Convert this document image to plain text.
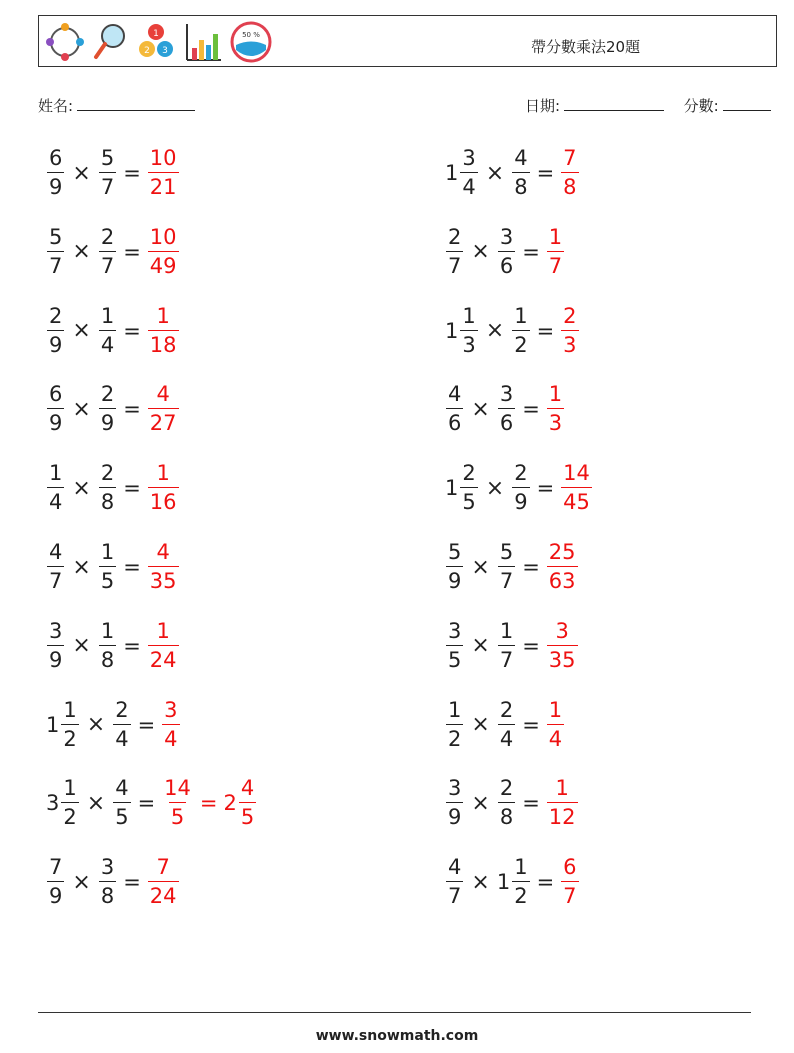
1
2 3
50 %
帶分數乘法20題
姓名:	日期:	分數:
$\frac{6}{9} \times \frac{5}{7} = \frac{10}{21}$	$1 \frac{3}{4} \times \frac{4}{8} = \frac{7}{8}$
$\frac{5}{7} \times \frac{2}{7} = \frac{10}{49}$	$\frac{2}{7} \times \frac{3}{6} = \frac{1}{7}$
$\frac{2}{9} \times \frac{1}{4} = \frac{1}{18}$	$1 \frac{1}{3} \times \frac{1}{2} = \frac{2}{3}$
$\frac{6}{9} \times \frac{2}{9} = \frac{4}{27}$	$\frac{4}{6} \times \frac{3}{6} = \frac{1}{3}$
$\frac{1}{4} \times \frac{2}{8} = \frac{1}{16}$	$1 \frac{2}{5} \times \frac{2}{9} = \frac{14}{45}$
$\frac{4}{7} \times \frac{1}{5} = \frac{4}{35}$	$\frac{5}{9} \times \frac{5}{7} = \frac{25}{63}$
$\frac{3}{9} \times \frac{1}{8} = \frac{1}{24}$	$\frac{3}{5} \times \frac{1}{7} = \frac{3}{35}$
$1 \frac{1}{2} \times \frac{2}{4} = \frac{3}{4}$	$\frac{1}{2} \times \frac{2}{4} = \frac{1}{4}$
$3 \frac{1}{2} \times \frac{4}{5} = \frac{14}{5} = 2 \frac{4}{5}$	$\frac{3}{9} \times \frac{2}{8} = \frac{1}{12}$
$\frac{7}{9} \times \frac{3}{8} = \frac{7}{24}$	$\frac{4}{7} \times 1 \frac{1}{2} = \frac{6}{7}$
www.snowmath.com
